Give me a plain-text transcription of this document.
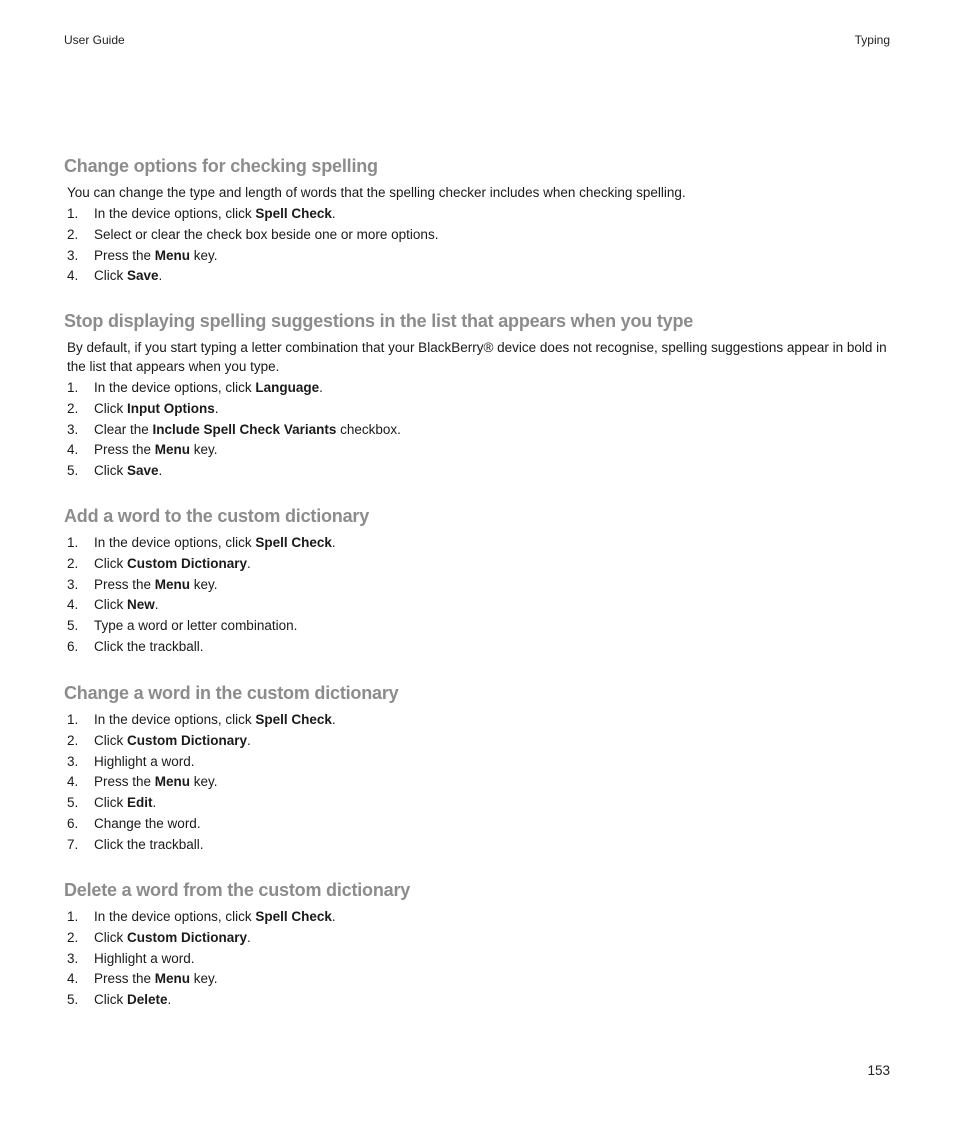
User Guide	Typing
Change options for checking spelling

You can change the type and length of words that the spelling checker includes when checking spelling.

1. In the device options, click Spell Check.
2. Select or clear the check box beside one or more options.
3. Press the Menu key.
4. Click Save.
Stop displaying spelling suggestions in the list that appears when you type

By default, if you start typing a letter combination that your BlackBerry® device does not recognise, spelling suggestions appear in bold in the list that appears when you type.

1. In the device options, click Language.
2. Click Input Options.
3. Clear the Include Spell Check Variants checkbox.
4. Press the Menu key.
5. Click Save.
Add a word to the custom dictionary
1. In the device options, click Spell Check.
2. Click Custom Dictionary.
3. Press the Menu key.
4. Click New.
5. Type a word or letter combination.
6. Click the trackball.
Change a word in the custom dictionary
1. In the device options, click Spell Check.
2. Click Custom Dictionary.
3. Highlight a word.
4. Press the Menu key.
5. Click Edit.
6. Change the word.
7. Click the trackball.
Delete a word from the custom dictionary
1. In the device options, click Spell Check.
2. Click Custom Dictionary.
3. Highlight a word.
4. Press the Menu key.
5. Click Delete.
153
